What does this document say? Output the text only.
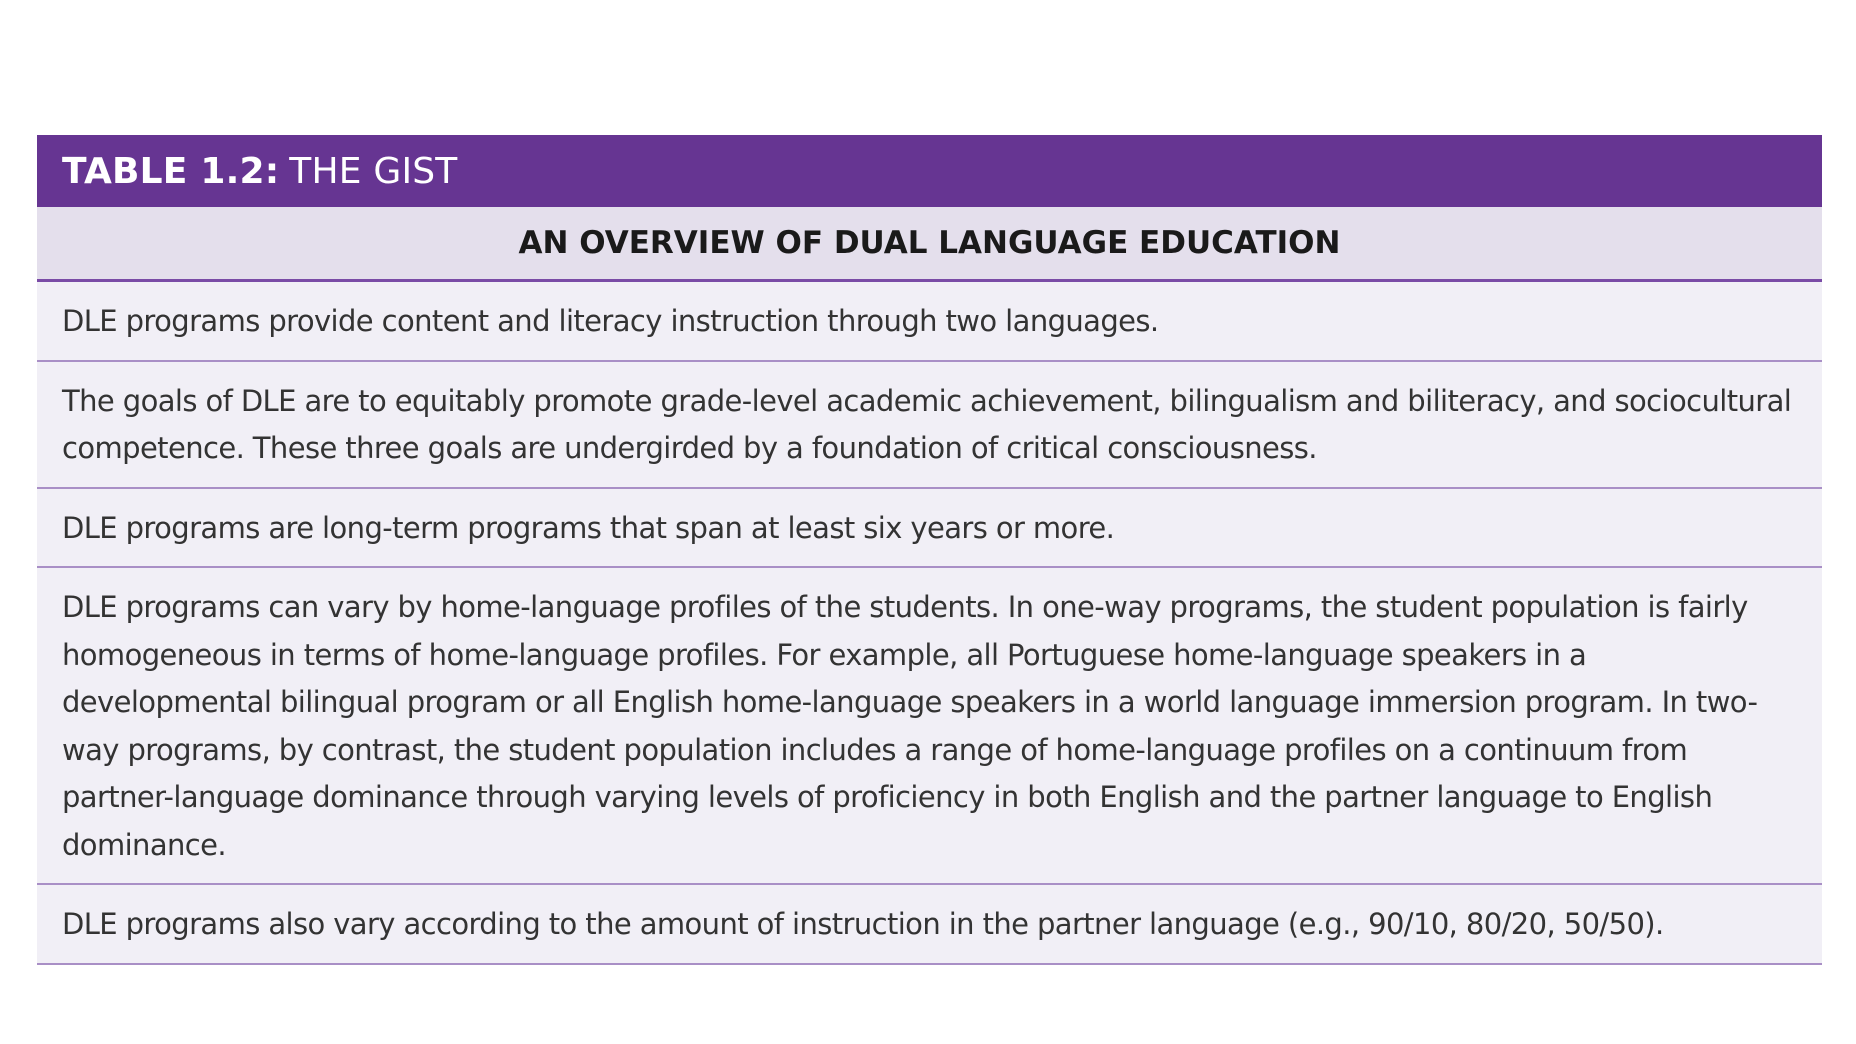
TABLE 1.2: THE GIST
AN OVERVIEW OF DUAL LANGUAGE EDUCATION
DLE programs provide content and literacy instruction through two languages.
The goals of DLE are to equitably promote grade-level academic achievement, bilingualism and biliteracy, and sociocultural competence. These three goals are undergirded by a foundation of critical consciousness.
DLE programs are long-term programs that span at least six years or more.
DLE programs can vary by home-language profiles of the students. In one-way programs, the student population is fairly homogeneous in terms of home-language profiles. For example, all Portuguese home-language speakers in a developmental bilingual program or all English home-language speakers in a world language immersion program. In two-way programs, by contrast, the student population includes a range of home-language profiles on a continuum from partner-language dominance through varying levels of proficiency in both English and the partner language to English dominance.
DLE programs also vary according to the amount of instruction in the partner language (e.g., 90/10, 80/20, 50/50).
